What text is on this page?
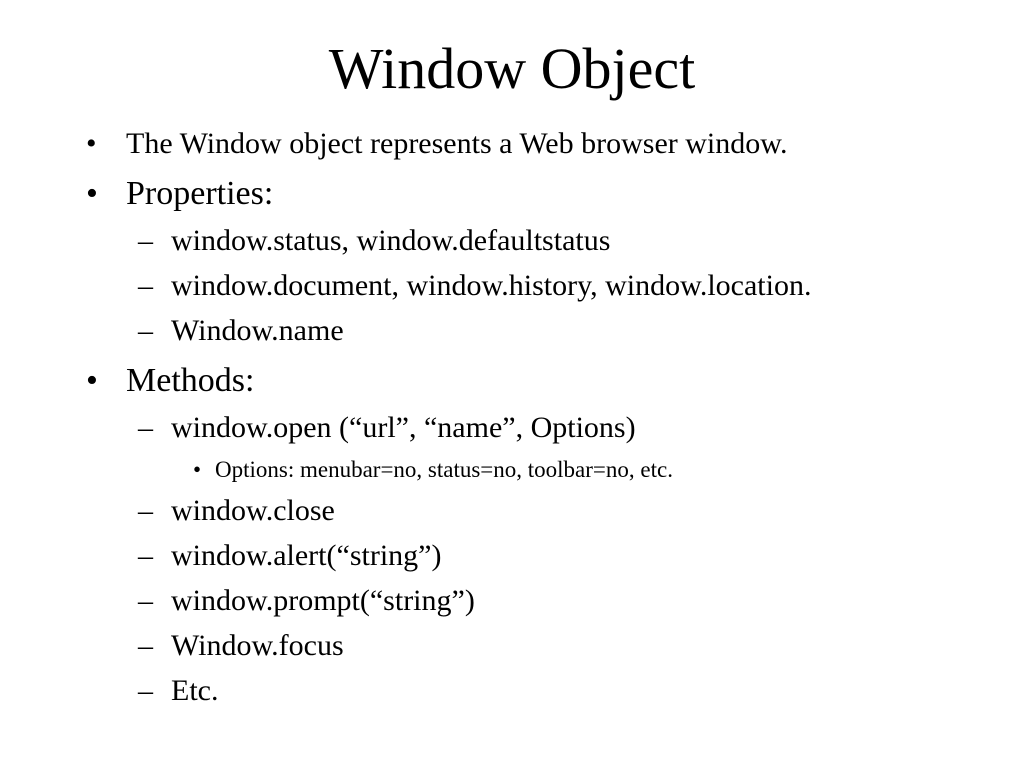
Window Object
• The Window object represents a Web browser window.
• Properties:
– window.status, window.defaultstatus
– window.document, window.history, window.location.
– Window.name
• Methods:
– window.open (“url”, “name”, Options)
• Options: menubar=no, status=no, toolbar=no, etc.
– window.close
– window.alert(“string”)
– window.prompt(“string”)
– Window.focus
– Etc.
